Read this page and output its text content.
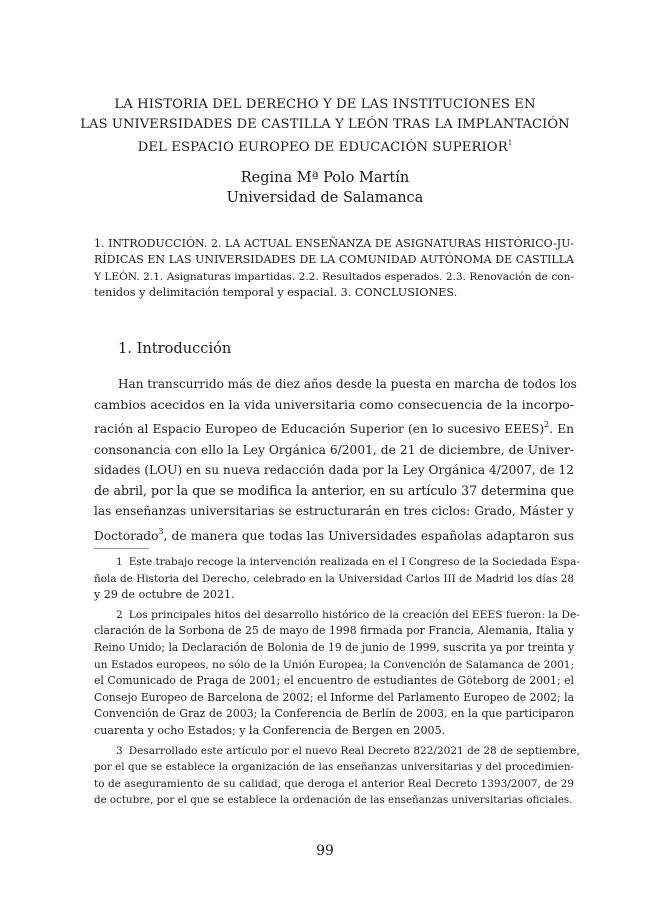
LA HISTORIA DEL DERECHO Y DE LAS INSTITUCIONES EN
LAS UNIVERSIDADES DE CASTILLA Y LEÓN TRAS LA IMPLANTACIÓN
DEL ESPACIO EUROPEO DE EDUCACIÓN SUPERIOR$^1$
Regina Mª Polo Martín
Universidad de Salamanca
1. INTRODUCCIÓN. 2. LA ACTUAL ENSEÑANZA DE ASIGNATURAS HISTÓRICO-JU-
RÍDICAS EN LAS UNIVERSIDADES DE LA COMUNIDAD AUTÓNOMA DE CASTILLA
Y LEÓN. 2.1. Asignaturas impartidas. 2.2. Resultados esperados. 2.3. Renovación de con-
tenidos y delimitación temporal y espacial. 3. CONCLUSIONES.
1. Introducción
Han transcurrido más de diez años desde la puesta en marcha de todos los
cambios acecidos en la vida universitaria como consecuencia de la incorpo-
ración al Espacio Europeo de Educación Superior (en lo sucesivo EEES)$^2$. En
consonancia con ello la Ley Orgánica 6/2001, de 21 de diciembre, de Univer-
sidades (LOU) en su nueva redacción dada por la Ley Orgánica 4/2007, de 12
de abril, por la que se modifica la anterior, en su artículo 37 determina que
las enseñanzas universitarias se estructurarán en tres ciclos: Grado, Máster y
Doctorado$^3$, de manera que todas las Universidades españolas adaptaron sus
1 Este trabajo recoge la intervención realizada en el I Congreso de la Sociedada Espa-
ñola de Historia del Derecho, celebrado en la Universidad Carlos III de Madrid los días 28
y 29 de octubre de 2021.
2 Los principales hitos del desarrollo histórico de la creación del EEES fueron: la De-
claración de la Sorbona de 25 de mayo de 1998 firmada por Francia, Alemania, Italia y
Reino Unido; la Declaración de Bolonia de 19 de junio de 1999, suscrita ya por treinta y
un Estados europeos, no sólo de la Unión Europea; la Convención de Salamanca de 2001;
el Comunicado de Praga de 2001; el encuentro de estudiantes de Göteborg de 2001; el
Consejo Europeo de Barcelona de 2002; el Informe del Parlamento Europeo de 2002; la
Convención de Graz de 2003; la Conferencia de Berlín de 2003, en la que participaron
cuarenta y ocho Estados; y la Conferencia de Bergen en 2005.
3 Desarrollado este artículo por el nuevo Real Decreto 822/2021 de 28 de septiembre,
por el que se establece la organización de las enseñanzas universitarias y del procedimien-
to de aseguramiento de su calidad, que deroga el anterior Real Decreto 1393/2007, de 29
de octubre, por el que se establece la ordenación de las enseñanzas universitarias oficiales.
99
